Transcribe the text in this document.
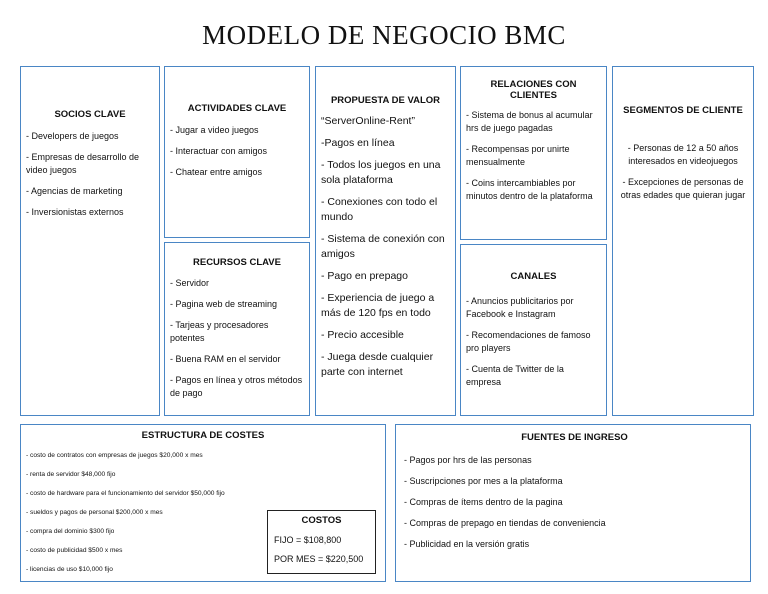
MODELO DE NEGOCIO BMC
SOCIOS CLAVE
- Developers de juegos
- Empresas de desarrollo de video juegos
- Agencias de marketing
- Inversionistas externos
ACTIVIDADES CLAVE
- Jugar a video juegos
- Interactuar con amigos
- Chatear entre amigos
RECURSOS CLAVE
- Servidor
- Pagina web de streaming
- Tarjeas y procesadores potentes
- Buena RAM en el servidor
- Pagos en línea y otros métodos de pago
PROPUESTA DE VALOR
“ServerOnline-Rent”
-Pagos en línea
- Todos los juegos en una sola plataforma
- Conexiones con todo el mundo
- Sistema de conexión con amigos
- Pago en prepago
- Experiencia de juego a más de 120 fps en todo
- Precio accesible
- Juega desde cualquier parte con internet
RELACIONES CON CLIENTES
- Sistema de bonus al acumular hrs de juego pagadas
- Recompensas por unirte mensualmente
- Coins intercambiables por minutos dentro de la plataforma
CANALES
- Anuncios publicitarios por Facebook e Instagram
- Recomendaciones de famoso pro players
- Cuenta de Twitter de la empresa
SEGMENTOS DE CLIENTE
- Personas de 12 a 50 años interesados en videojuegos
- Excepciones de personas de otras edades que quieran jugar
ESTRUCTURA DE COSTES
- costo de contratos con empresas de juegos $20,000 x mes
- renta de servidor $48,000 fijo
- costo de hardware para el funcionamiento del servidor $50,000 fijo
- sueldos y pagos de personal $200,000 x mes
- compra del dominio $300 fijo
- costo de publicidad $500 x mes
- licencias de uso $10,000 fijo
COSTOS
FIJO = $108,800
POR MES = $220,500
FUENTES DE INGRESO
- Pagos por hrs de las personas
- Suscripciones por mes a la plataforma
- Compras de ítems dentro de la pagina
- Compras de prepago en tiendas de conveniencia
- Publicidad en la versión gratis
